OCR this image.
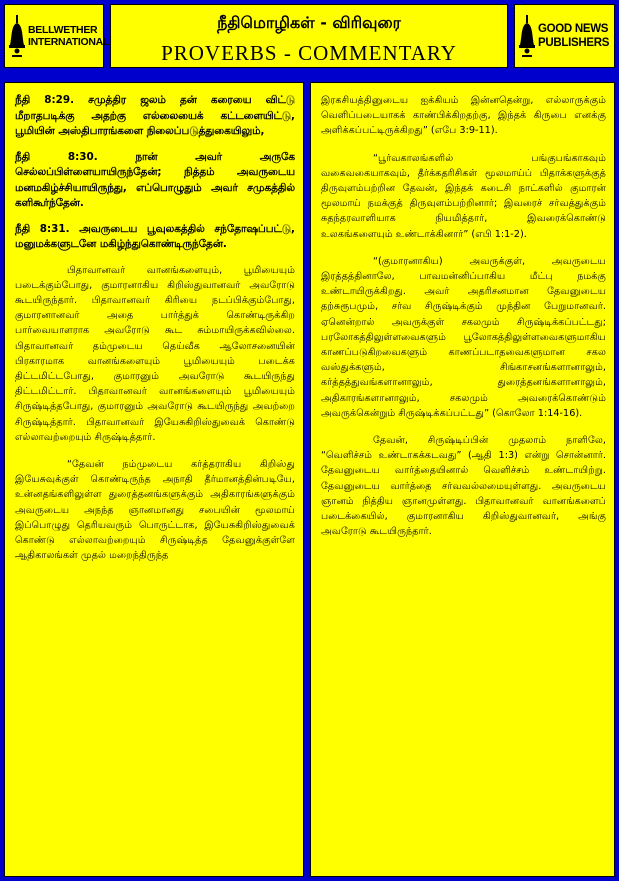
BELLWETHER
INTERNATIONAL
நீதிமொழிகள் - விரிவுரை
PROVERBS - COMMENTARY
GOOD NEWS
PUBLISHERS

நீதி 8:29. சமுத்திர ஜலம் தன் கரையை விட்டு மீறாதபடிக்கு அதற்கு எல்லையைக் கட்டளையிட்டு, பூமியின் அஸ்திபாரங்களை நிலைப்படுத்துகையிலும்,

நீதி 8:30. நான் அவர் அருகே செல்லப்பிள்ளையாயிருந்தேன்; நித்தம் அவருடைய மனமகிழ்ச்சியாயிருந்து, எப்பொழுதும் அவர் சமுகத்தில் களிகூர்ந்தேன்.

நீதி 8:31. அவருடைய பூவுலகத்தில் சந்தோஷப்பட்டு, மனுமக்களுடனே மகிழ்ந்துகொண்டிருந்தேன்.

பிதாவானவர் வானங்களையும், பூமியையும் படைக்கும்போது, குமாரனாகிய கிறிஸ்துவானவர் அவரோடு கூடயிருந்தார். பிதாவானவர் கிரியை நடப்பிக்கும்போது, குமாரனானவர் அதை பார்த்துக் கொண்டிருக்கிற பார்வையாளராக அவரோடு கூட சும்மாயிருக்கவில்லை. பிதாவானவர் தம்முடைய தெய்வீக ஆலோசனையின் பிரகாரமாக வானங்களையும் பூமியையும் படைக்க திட்டமிட்டபோது, குமாரனும் அவரோடு கூடயிருந்து திட்டமிட்டார். பிதாவானவர் வானங்களையும் பூமியையும் சிருஷ்டித்தபோது, குமாரனும் அவரோடு கூடயிருந்து அவற்றை சிருஷ்டித்தார். பிதாவானவர் இயேசுகிறிஸ்துவைக் கொண்டு எல்லாவற்றையும் சிருஷ்டித்தார்.

“தேவன் நம்முடைய கர்த்தராகிய கிறிஸ்து இயேசுவுக்குள் கொண்டிருந்த அநாதி தீர்மானத்தின்படியே, உன்னதங்களிலுள்ள துரைத்தனங்களுக்கும் அதிகாரங்களுக்கும் அவருடைய அநந்த ஞானமானது சபையின் மூலமாய் இப்பொழுது தெரியவரும் பொருட்டாக, இயேசுகிறிஸ்துவைக் கொண்டு எல்லாவற்றையும் சிருஷ்டித்த தேவனுக்குள்ளே ஆதிகாலங்கள் முதல் மறைந்திருந்த

இரகசியத்தினுடைய ஐக்கியம் இன்னதென்று, எல்லாருக்கும் வெளிப்படையாகக் காண்பிக்கிறதற்கு, இந்தக் கிருபை எனக்கு அளிக்கப்பட்டிருக்கிறது” (எபே 3:9-11).

“பூர்வகாலங்களில் பங்குபங்காகவும் வகைவகையாகவும், தீர்க்கதரிசிகள் மூலமாய்ப் பிதாக்களுக்குத் திருவுளம்பற்றின தேவன், இந்தக் கடைசி நாட்களில் குமாரன் மூலமாய் நமக்குத் திருவுளம்பற்றினார்; இவரைச் சர்வத்துக்கும் சுதந்தரவாளியாக நியமித்தார், இவரைக்கொண்டு உலகங்களையும் உண்டாக்கினார்” (எபி 1:1-2).

“(குமாரனாகிய) அவருக்குள், அவருடைய இரத்தத்தினாலே, பாவமன்னிப்பாகிய மீட்பு நமக்கு உண்டாயிருக்கிறது. அவர் அதரிசனமான தேவனுடைய தற்சுரூபமும், சர்வ சிருஷ்டிக்கும் முந்தின பேறுமானவர். ஏனென்றால் அவருக்குள் சகலமும் சிருஷ்டிக்கப்பட்டது; பரலோகத்திலுள்ளவைகளும் பூலோகத்திலுள்ளவைகளுமாகிய காணப்படுகிறவைகளும் காணப்படாதவைகளுமான சகல வஸ்துக்களும், சிங்காசனங்களானாலும், கர்த்தத்துவங்களானாலும், துரைத்தனங்களானாலும், அதிகாரங்களானாலும், சகலமும் அவரைக்கொண்டும் அவருக்கென்றும் சிருஷ்டிக்கப்பட்டது” (கொலோ 1:14-16).

தேவன், சிருஷ்டிப்பின் முதலாம் நாளிலே, “வெளிச்சம் உண்டாகக்கடவது” (ஆதி 1:3) என்று சொன்னார். தேவனுடைய வார்த்தையினால் வெளிச்சம் உண்டாயிற்று. தேவனுடைய வார்த்தை சர்வவல்லமையுள்ளது. அவருடைய ஞானம் நித்திய ஞானமுள்ளது. பிதாவானவர் வானங்களைப் படைக்கையில், குமாரனாகிய கிறிஸ்துவானவர், அங்கு அவரோடு கூடயிருந்தார்.
